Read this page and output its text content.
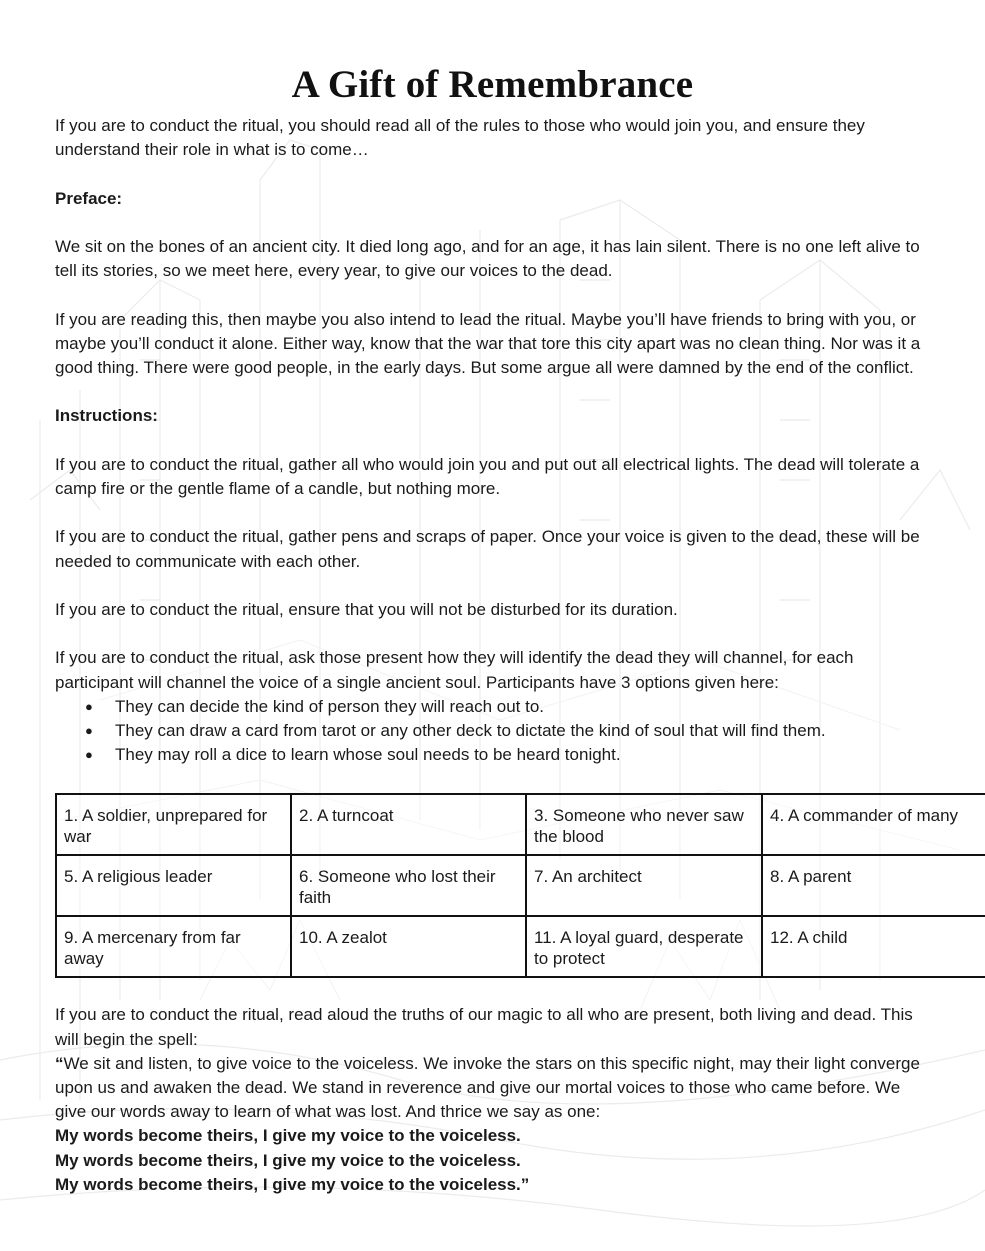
A Gift of Remembrance

If you are to conduct the ritual, you should read all of the rules to those who would join you, and ensure they understand their role in what is to come…

Preface:

We sit on the bones of an ancient city. It died long ago, and for an age, it has lain silent. There is no one left alive to tell its stories, so we meet here, every year, to give our voices to the dead.

If you are reading this, then maybe you also intend to lead the ritual. Maybe you’ll have friends to bring with you, or maybe you’ll conduct it alone. Either way, know that the war that tore this city apart was no clean thing. Nor was it a good thing. There were good people, in the early days. But some argue all were damned by the end of the conflict.

Instructions:

If you are to conduct the ritual, gather all who would join you and put out all electrical lights. The dead will tolerate a camp fire or the gentle flame of a candle, but nothing more.

If you are to conduct the ritual, gather pens and scraps of paper. Once your voice is given to the dead, these will be needed to communicate with each other.

If you are to conduct the ritual, ensure that you will not be disturbed for its duration.

If you are to conduct the ritual, ask those present how they will identify the dead they will channel, for each participant will channel the voice of a single ancient soul. Participants have 3 options given here:

● They can decide the kind of person they will reach out to.
● They can draw a card from tarot or any other deck to dictate the kind of soul that will find them.
● They may roll a dice to learn whose soul needs to be heard tonight.
1. A soldier, unprepared for war	2. A turncoat	3. Someone who never saw the blood	4. A commander of many
5. A religious leader	6. Someone who lost their faith	7. An architect	8. A parent
9. A mercenary from far away	10. A zealot	11. A loyal guard, desperate to protect	12. A child

If you are to conduct the ritual, read aloud the truths of our magic to all who are present, both living and dead. This will begin the spell:

“We sit and listen, to give voice to the voiceless. We invoke the stars on this specific night, may their light converge upon us and awaken the dead. We stand in reverence and give our mortal voices to those who came before. We give our words away to learn of what was lost. And thrice we say as one:

My words become theirs, I give my voice to the voiceless.

My words become theirs, I give my voice to the voiceless.

My words become theirs, I give my voice to the voiceless.”
